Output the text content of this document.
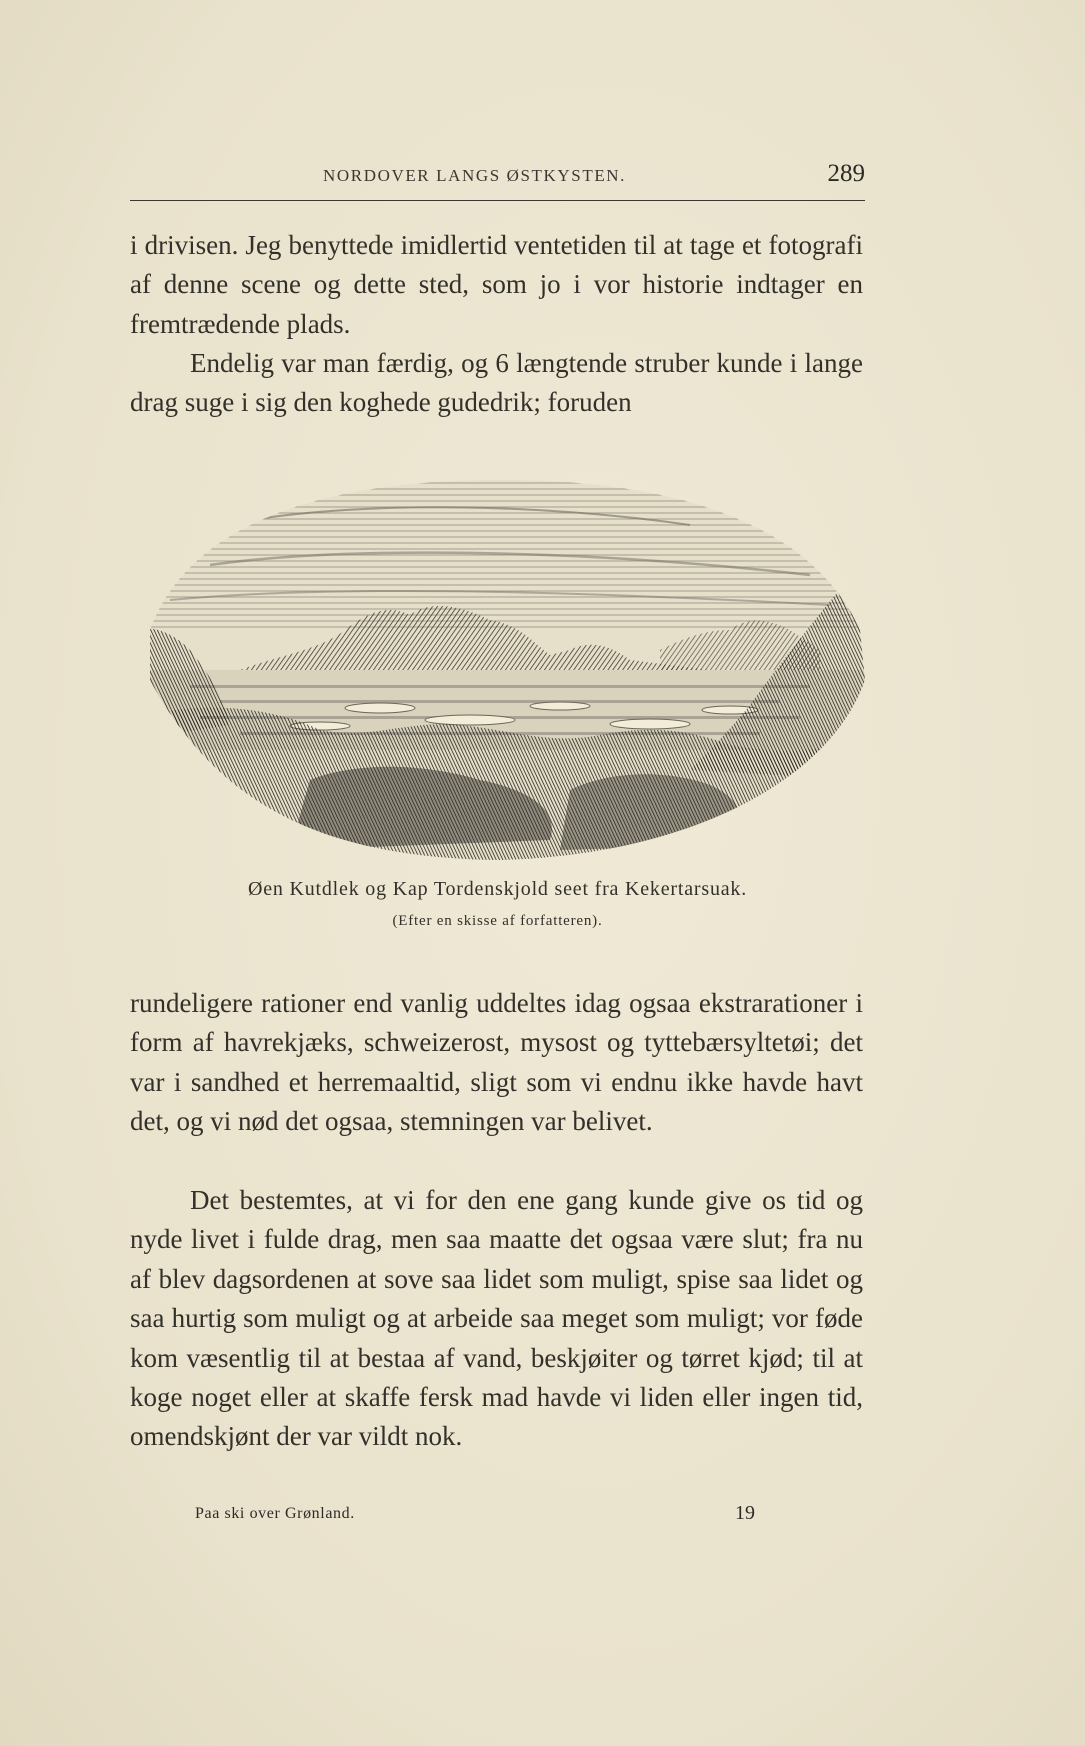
NORDOVER LANGS ØSTKYSTEN.	289

i drivisen. Jeg benyttede imidlertid ventetiden til at tage et fotografi af denne scene og dette sted, som jo i vor historie indtager en fremtrædende plads.

Endelig var man færdig, og 6 længtende struber kunde i lange drag suge i sig den koghede gudedrik; foruden

Øen Kutdlek og Kap Tordenskjold seet fra Kekertarsuak.
(Efter en skisse af forfatteren).

rundeligere rationer end vanlig uddeltes idag ogsaa ekstrarationer i form af havrekjæks, schweizerost, mysost og tyttebærsyltetøi; det var i sandhed et herremaaltid, sligt som vi endnu ikke havde havt det, og vi nød det ogsaa, stemningen var belivet.

Det bestemtes, at vi for den ene gang kunde give os tid og nyde livet i fulde drag, men saa maatte det ogsaa være slut; fra nu af blev dagsordenen at sove saa lidet som muligt, spise saa lidet og saa hurtig som muligt og at arbeide saa meget som muligt; vor føde kom væsentlig til at bestaa af vand, beskjøiter og tørret kjød; til at koge noget eller at skaffe fersk mad havde vi liden eller ingen tid, omendskjønt der var vildt nok.

Paa ski over Grønland.	19
